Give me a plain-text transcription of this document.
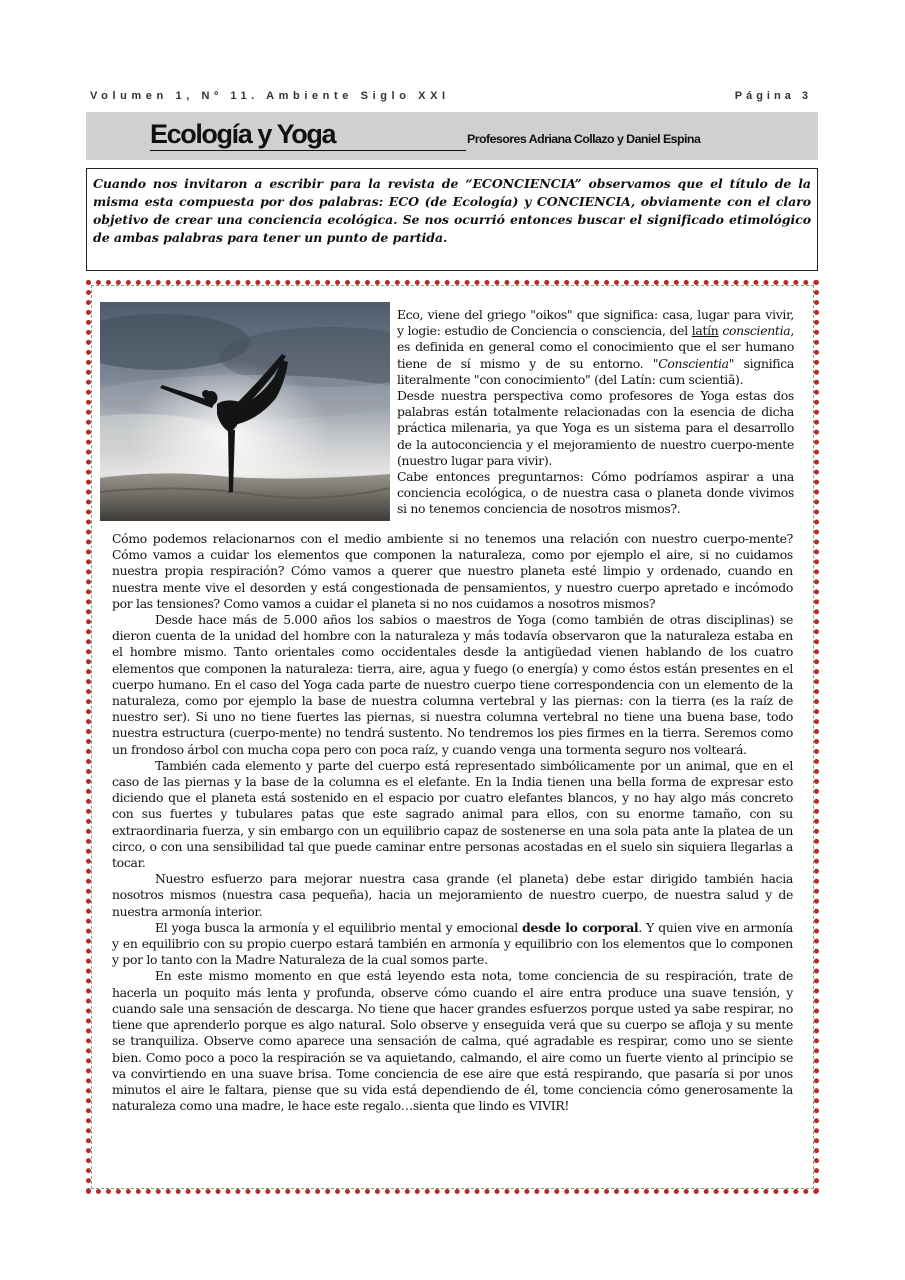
Volumen 1, Nº 11. Ambiente Siglo XXI	Página 3
Ecología y Yoga	Profesores Adriana Collazo y Daniel Espina
Cuando nos invitaron a escribir para la revista de “ECONCIENCIA” observamos que el título de la misma esta compuesta por dos palabras: ECO (de Ecología) y CONCIENCIA, obviamente con el claro objetivo de crear una conciencia ecológica. Se nos ocurrió entonces buscar el significado etimológico de ambas palabras para tener un punto de partida.

Eco, viene del griego "oikos" que significa: casa, lugar para vivir, y logie: estudio de Conciencia o consciencia, del latín conscientia, es definida en general como el conocimiento que el ser humano tiene de sí mismo y de su entorno. "Conscientia" significa literalmente "con conocimiento" (del Latín: cum scientiã).

Desde nuestra perspectiva como profesores de Yoga estas dos palabras están totalmente relacionadas con la esencia de dicha práctica milenaria, ya que Yoga es un sistema para el desarrollo de la autoconciencia y el mejoramiento de nuestro cuerpo-mente (nuestro lugar para vivir).

Cabe entonces preguntarnos: Cómo podríamos aspirar a una conciencia ecológica, o de nuestra casa o planeta donde vivimos si no tenemos conciencia de nosotros mismos?.

Cómo podemos relacionarnos con el medio ambiente si no tenemos una relación con nuestro cuerpo-mente? Cómo vamos a cuidar los elementos que componen la naturaleza, como por ejemplo el aire, si no cuidamos nuestra propia respiración? Cómo vamos a querer que nuestro planeta esté limpio y ordenado, cuando en nuestra mente vive el desorden y está congestionada de pensamientos, y nuestro cuerpo apretado e incómodo por las tensiones? Como vamos a cuidar el planeta si no nos cuidamos a nosotros mismos?

Desde hace más de 5.000 años los sabios o maestros de Yoga (como también de otras disciplinas) se dieron cuenta de la unidad del hombre con la naturaleza y más todavía observaron que la naturaleza estaba en el hombre mismo. Tanto orientales como occidentales desde la antigüedad vienen hablando de los cuatro elementos que componen la naturaleza: tierra, aire, agua y fuego (o energía) y como éstos están presentes en el cuerpo humano. En el caso del Yoga cada parte de nuestro cuerpo tiene correspondencia con un elemento de la naturaleza, como por ejemplo la base de nuestra columna vertebral y las piernas: con la tierra (es la raíz de nuestro ser). Si uno no tiene fuertes las piernas, si nuestra columna vertebral no tiene una buena base, todo nuestra estructura (cuerpo-mente) no tendrá sustento. No tendremos los pies firmes en la tierra. Seremos como un frondoso árbol con mucha copa pero con poca raíz, y cuando venga una tormenta seguro nos volteará.

También cada elemento y parte del cuerpo está representado simbólicamente por un animal, que en el caso de las piernas y la base de la columna es el elefante. En la India tienen una bella forma de expresar esto diciendo que el planeta está sostenido en el espacio por cuatro elefantes blancos, y no hay algo más concreto con sus fuertes y tubulares patas que este sagrado animal para ellos, con su enorme tamaño, con su extraordinaria fuerza, y sin embargo con un equilibrio capaz de sostenerse en una sola pata ante la platea de un circo, o con una sensibilidad tal que puede caminar entre personas acostadas en el suelo sin siquiera llegarlas a tocar.

Nuestro esfuerzo para mejorar nuestra casa grande (el planeta) debe estar dirigido también hacia nosotros mismos (nuestra casa pequeña), hacia un mejoramiento de nuestro cuerpo, de nuestra salud y de nuestra armonía interior.

El yoga busca la armonía y el equilibrio mental y emocional desde lo corporal. Y quien vive en armonía y en equilibrio con su propio cuerpo estará también en armonía y equilibrio con los elementos que lo componen y por lo tanto con la Madre Naturaleza de la cual somos parte.

En este mismo momento en que está leyendo esta nota, tome conciencia de su respiración, trate de hacerla un poquito más lenta y profunda, observe cómo cuando el aire entra produce una suave tensión, y cuando sale una sensación de descarga. No tiene que hacer grandes esfuerzos porque usted ya sabe respirar, no tiene que aprenderlo porque es algo natural. Solo observe y enseguida verá que su cuerpo se afloja y su mente se tranquiliza. Observe como aparece una sensación de calma, qué agradable es respirar, como uno se siente bien. Como poco a poco la respiración se va aquietando, calmando, el aire como un fuerte viento al principio se va convirtiendo en una suave brisa. Tome conciencia de ese aire que está respirando, que pasaría si por unos minutos el aire le faltara, piense que su vida está dependiendo de él, tome conciencia cómo generosamente la naturaleza como una madre, le hace este regalo…sienta que lindo es VIVIR!
